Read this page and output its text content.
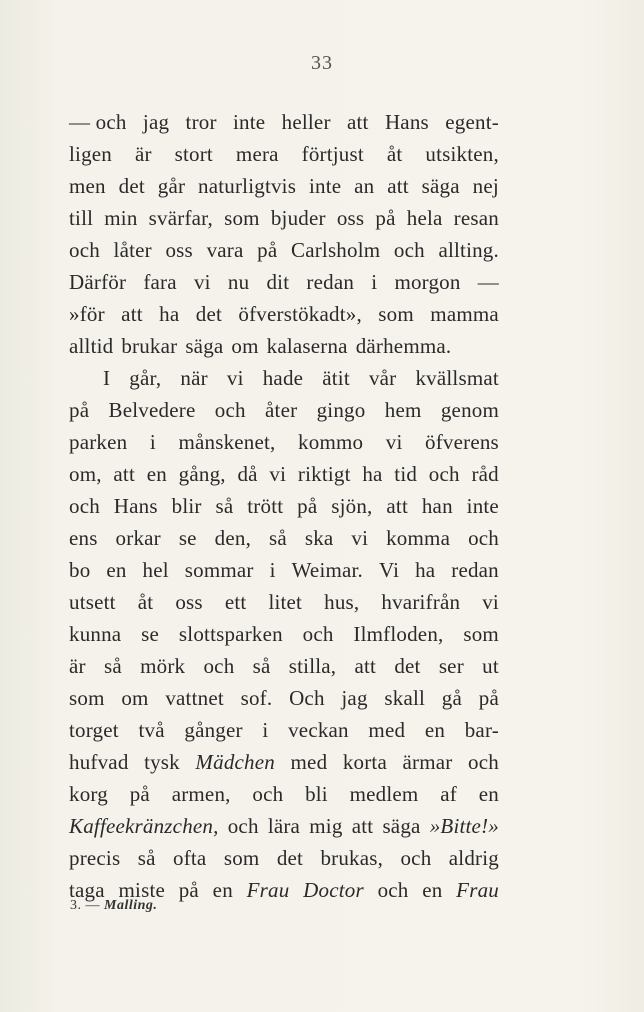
33
— och jag tror inte heller att Hans egent-
ligen är stort mera förtjust åt utsikten,
men det går naturligtvis inte an att säga nej
till min svärfar, som bjuder oss på hela resan
och låter oss vara på Carlsholm och allting.
Därför fara vi nu dit redan i morgon —
»för att ha det öfverstökadt», som mamma
alltid brukar säga om kalaserna därhemma.
I går, när vi hade ätit vår kvällsmat
på Belvedere och åter gingo hem genom
parken i månskenet, kommo vi öfverens
om, att en gång, då vi riktigt ha tid och råd
och Hans blir så trött på sjön, att han inte
ens orkar se den, så ska vi komma och
bo en hel sommar i Weimar. Vi ha redan
utsett åt oss ett litet hus, hvarifrån vi
kunna se slottsparken och Ilmfloden, som
är så mörk och så stilla, att det ser ut
som om vattnet sof. Och jag skall gå på
torget två gånger i veckan med en bar-
hufvad tysk Mädchen med korta ärmar och
korg på armen, och bli medlem af en
Kaffeekränzchen, och lära mig att säga »Bitte!»
precis så ofta som det brukas, och aldrig
taga miste på en Frau Doctor och en Frau
3. — Malling.
